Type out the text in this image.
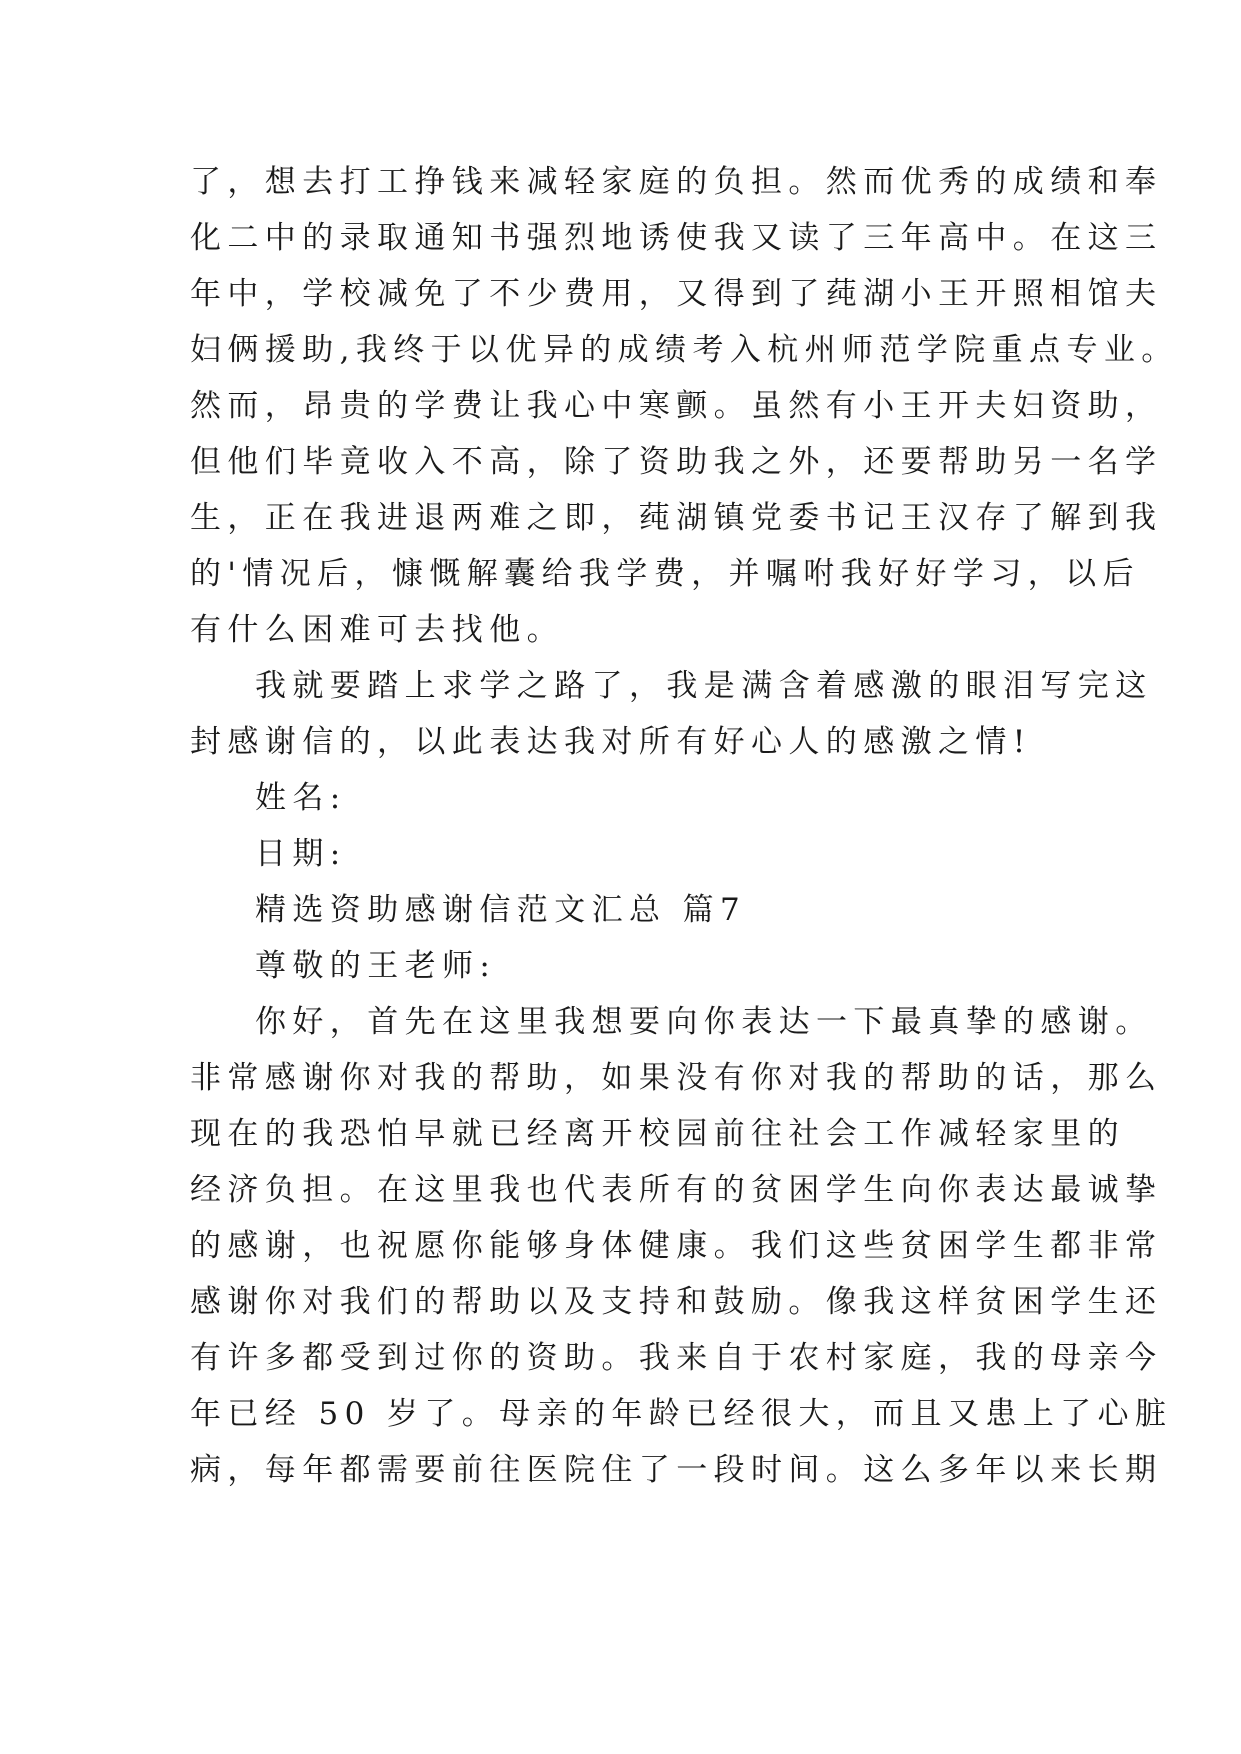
了，想去打工挣钱来减轻家庭的负担。然而优秀的成绩和奉
化二中的录取通知书强烈地诱使我又读了三年高中。在这三
年中，学校减免了不少费用，又得到了莼湖小王开照相馆夫
妇俩援助,我终于以优异的成绩考入杭州师范学院重点专业。
然而，昂贵的学费让我心中寒颤。虽然有小王开夫妇资助，
但他们毕竟收入不高，除了资助我之外，还要帮助另一名学
生，正在我进退两难之即，莼湖镇党委书记王汉存了解到我
的'情况后，慷慨解囊给我学费，并嘱咐我好好学习，以后
有什么困难可去找他。
我就要踏上求学之路了，我是满含着感激的眼泪写完这
封感谢信的，以此表达我对所有好心人的感激之情!
姓名:
日期:
精选资助感谢信范文汇总 篇7
尊敬的王老师:
你好，首先在这里我想要向你表达一下最真挚的感谢。
非常感谢你对我的帮助，如果没有你对我的帮助的话，那么
现在的我恐怕早就已经离开校园前往社会工作减轻家里的
经济负担。在这里我也代表所有的贫困学生向你表达最诚挚
的感谢，也祝愿你能够身体健康。我们这些贫困学生都非常
感谢你对我们的帮助以及支持和鼓励。像我这样贫困学生还
有许多都受到过你的资助。我来自于农村家庭，我的母亲今
年已经 50 岁了。母亲的年龄已经很大，而且又患上了心脏
病，每年都需要前往医院住了一段时间。这么多年以来长期
